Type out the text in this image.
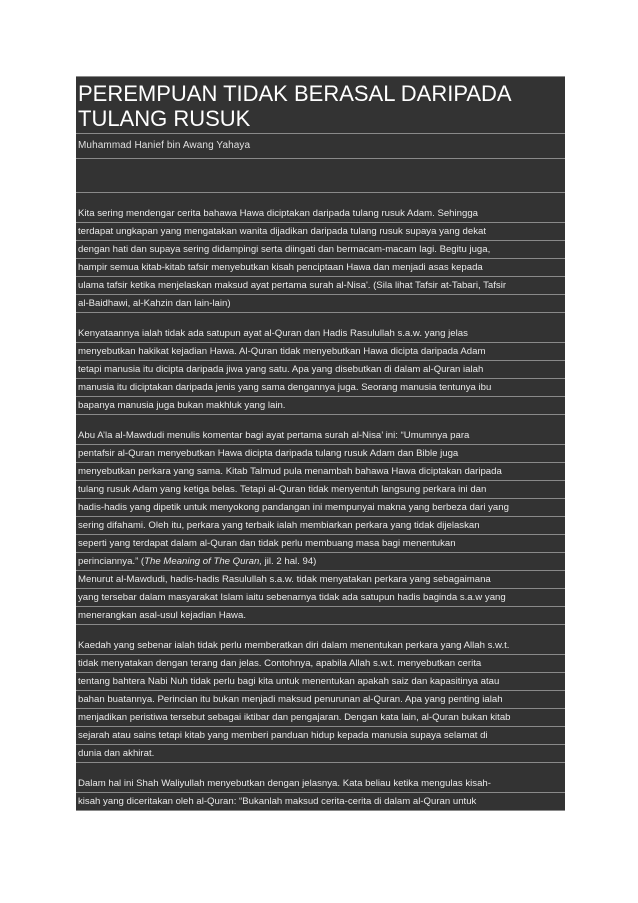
PEREMPUAN TIDAK BERASAL DARIPADA
TULANG RUSUK
Muhammad Hanief bin Awang Yahaya
Kita sering mendengar cerita bahawa Hawa diciptakan daripada tulang rusuk Adam. Sehingga
terdapat ungkapan yang mengatakan wanita dijadikan daripada tulang rusuk supaya yang dekat
dengan hati dan supaya sering didampingi serta diingati dan bermacam-macam lagi. Begitu juga,
hampir semua kitab-kitab tafsir menyebutkan kisah penciptaan Hawa dan menjadi asas kepada
ulama tafsir ketika menjelaskan maksud ayat pertama surah al-Nisa'. (Sila lihat Tafsir at-Tabari, Tafsir
al-Baidhawi, al-Kahzin dan lain-lain)
Kenyataannya ialah tidak ada satupun ayat al-Quran dan Hadis Rasulullah s.a.w. yang jelas
menyebutkan hakikat kejadian Hawa. Al-Quran tidak menyebutkan Hawa dicipta daripada Adam
tetapi manusia itu dicipta daripada jiwa yang satu. Apa yang disebutkan di dalam al-Quran ialah
manusia itu diciptakan daripada jenis yang sama dengannya juga. Seorang manusia tentunya ibu
bapanya manusia juga bukan makhluk yang lain.
Abu A’la al-Mawdudi menulis komentar bagi ayat pertama surah al-Nisa’ ini: “Umumnya para
pentafsir al-Quran menyebutkan Hawa dicipta daripada tulang rusuk Adam dan Bible juga
menyebutkan perkara yang sama. Kitab Talmud pula menambah bahawa Hawa diciptakan daripada
tulang rusuk Adam yang ketiga belas. Tetapi al-Quran tidak menyentuh langsung perkara ini dan
hadis-hadis yang dipetik untuk menyokong pandangan ini mempunyai makna yang berbeza dari yang
sering difahami. Oleh itu, perkara yang terbaik ialah membiarkan perkara yang tidak dijelaskan
seperti yang terdapat dalam al-Quran dan tidak perlu membuang masa bagi menentukan
perinciannya.” (The Meaning of The Quran, jil. 2 hal. 94)
Menurut al-Mawdudi, hadis-hadis Rasulullah s.a.w. tidak menyatakan perkara yang sebagaimana
yang tersebar dalam masyarakat Islam iaitu sebenarnya tidak ada satupun hadis baginda s.a.w yang
menerangkan asal-usul kejadian Hawa.
Kaedah yang sebenar ialah tidak perlu memberatkan diri dalam menentukan perkara yang Allah s.w.t.
tidak menyatakan dengan terang dan jelas. Contohnya, apabila Allah s.w.t. menyebutkan cerita
tentang bahtera Nabi Nuh tidak perlu bagi kita untuk menentukan apakah saiz dan kapasitinya atau
bahan buatannya. Perincian itu bukan menjadi maksud penurunan al-Quran. Apa yang penting ialah
menjadikan peristiwa tersebut sebagai iktibar dan pengajaran. Dengan kata lain, al-Quran bukan kitab
sejarah atau sains tetapi kitab yang memberi panduan hidup kepada manusia supaya selamat di
dunia dan akhirat.
Dalam hal ini Shah Waliyullah menyebutkan dengan jelasnya. Kata beliau ketika mengulas kisah-
kisah yang diceritakan oleh al-Quran: “Bukanlah maksud cerita-cerita di dalam al-Quran untuk
